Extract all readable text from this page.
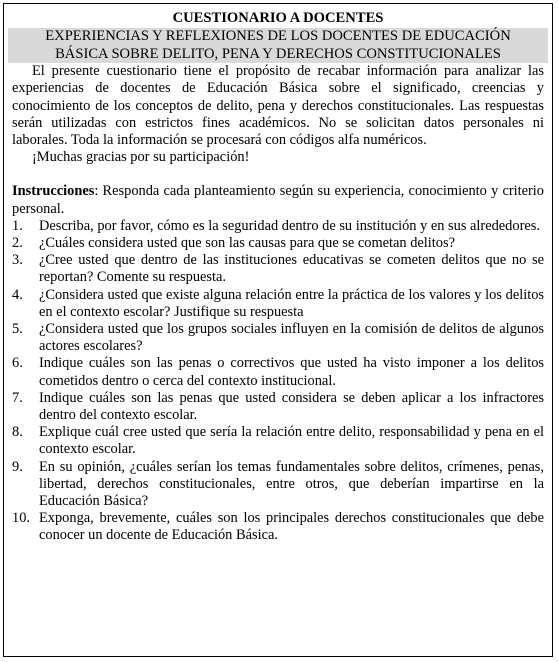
CUESTIONARIO A DOCENTES

EXPERIENCIAS Y REFLEXIONES DE LOS DOCENTES DE EDUCACIÓN
BÁSICA SOBRE DELITO, PENA Y DERECHOS CONSTITUCIONALES

El presente cuestionario tiene el propósito de recabar información para analizar las experiencias de docentes de Educación Básica sobre el significado, creencias y conocimiento de los conceptos de delito, pena y derechos constitucionales. Las respuestas serán utilizadas con estrictos fines académicos. No se solicitan datos personales ni laborales. Toda la información se procesará con códigos alfa numéricos.

¡Muchas gracias por su participación!

Instrucciones: Responda cada planteamiento según su experiencia, conocimiento y criterio personal.

1.	Describa, por favor, cómo es la seguridad dentro de su institución y en sus alrededores.
2.	¿Cuáles considera usted que son las causas para que se cometan delitos?
3.	¿Cree usted que dentro de las instituciones educativas se cometen delitos que no se reportan? Comente su respuesta.
4.	¿Considera usted que existe alguna relación entre la práctica de los valores y los delitos en el contexto escolar? Justifique su respuesta
5.	¿Considera usted que los grupos sociales influyen en la comisión de delitos de algunos actores escolares?
6.	Indique cuáles son las penas o correctivos que usted ha visto imponer a los delitos cometidos dentro o cerca del contexto institucional.
7.	Indique cuáles son las penas que usted considera se deben aplicar a los infractores dentro del contexto escolar.
8.	Explique cuál cree usted que sería la relación entre delito, responsabilidad y pena en el contexto escolar.
9.	En su opinión, ¿cuáles serían los temas fundamentales sobre delitos, crímenes, penas, libertad, derechos constitucionales, entre otros, que deberían impartirse en la Educación Básica?
10. Exponga, brevemente, cuáles son los principales derechos constitucionales que debe conocer un docente de Educación Básica.
